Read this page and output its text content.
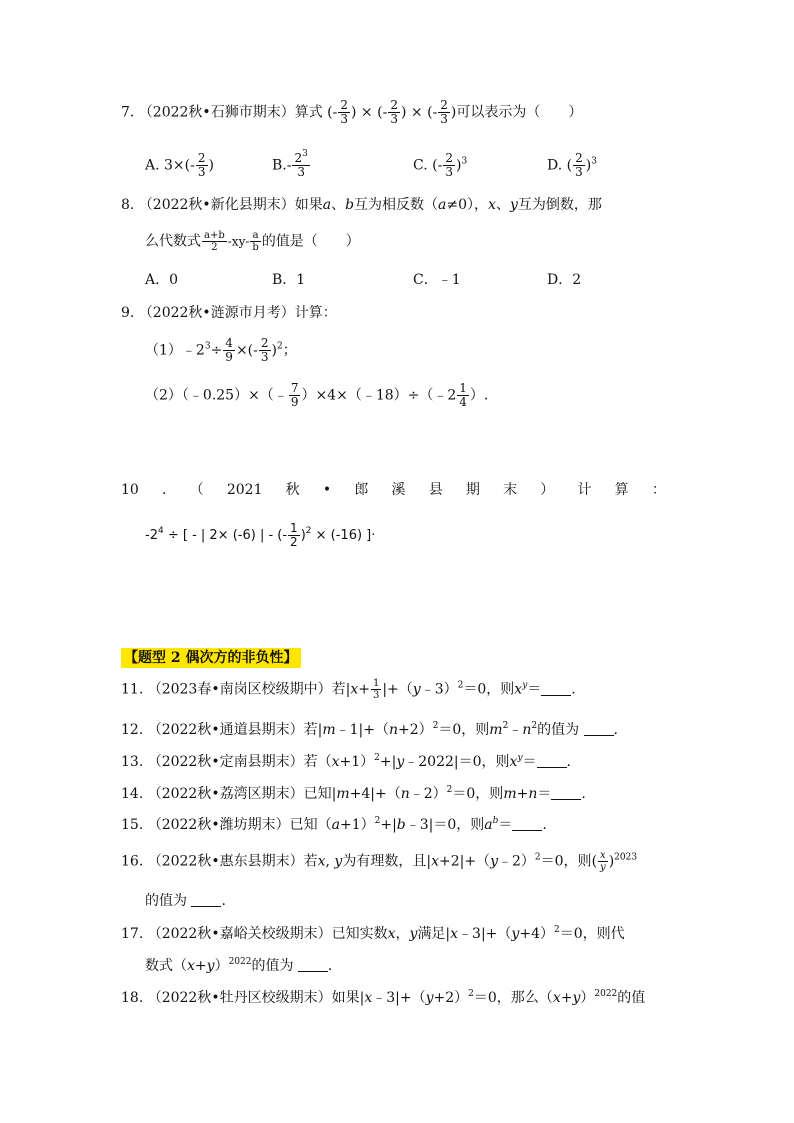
7. （2022秋•石狮市期末）算式 (- $\frac{2}{3}$ ) × (- $\frac{2}{3}$ ) × (- $\frac{2}{3}$ )可以表示为（　　）
A. $3\times(- \frac{2}{3}$ )	$B.- \frac{2^3}{3}$	C. (- $\frac{2}{3} )^3$	D. ( $\frac{2}{3} )^3$
8. （2022秋•新化县期末）如果a、b互为相反数（a≠0），x、y互为倒数，那
么代数式 $\frac{a+b}{2} -xy- \frac{a}{b}$ 的值是（　　）
A．0	B．1	C．﹣1	D．2
9. （2022秋•涟源市月考）计算：
$(1)﹣2^3\div \frac{4}{9}$ ×(- $\frac{2}{3} )^2$；
（2）（﹣0.25）×（﹣ $\frac{7}{9}$ ）×4×（﹣18）÷（﹣2 $\frac{1}{4}$ ）.
10 . （ 2021 秋 • 郎 溪 县 期 末 ） 计 算 ：
$-2^4$ ÷ [ - | 2× (-6) | - (- $\frac{1}{2} )^2 \times (-16)$ ]·
【题型 2 偶次方的非负性】
11. （2023春•南岗区校级期中）若$|x+ \frac{1}{3}$ |+（y﹣3）$^2$＝0，则$x^y=$ .
12. （2022秋•通道县期末）若$|m﹣1|+(n+2)^2=0$，则$m^2﹣n^2$的值为 .
13. （2022秋•定南县期末）若$(x+1)^2+|y﹣2022|=0$，则$x^y=$ .
14. （2022秋•荔湾区期末）已知|m+4|+（n﹣2）$^2$＝0，则m+n＝ .
15. （2022秋•潍坊期末）已知$(a+1)^2+|b﹣3|=0$，则$a^b=$ .
16. （2022秋•惠东县期末）若x, y为有理数，且|x+2|+（y﹣2）$^2$＝0，则( $\frac{x}{y} )^{2023}$
的值为 .
17. （2022秋•嘉峪关校级期末）已知实数x，y满足$|x﹣3|+(y+4)^2=0$，则代
数式$(x+y)^{2022}$的值为 .
18. （2022秋•牡丹区校级期末）如果$|x﹣3|+(y+2)^2=0$，那么$(x+y)^{2022}$的值
